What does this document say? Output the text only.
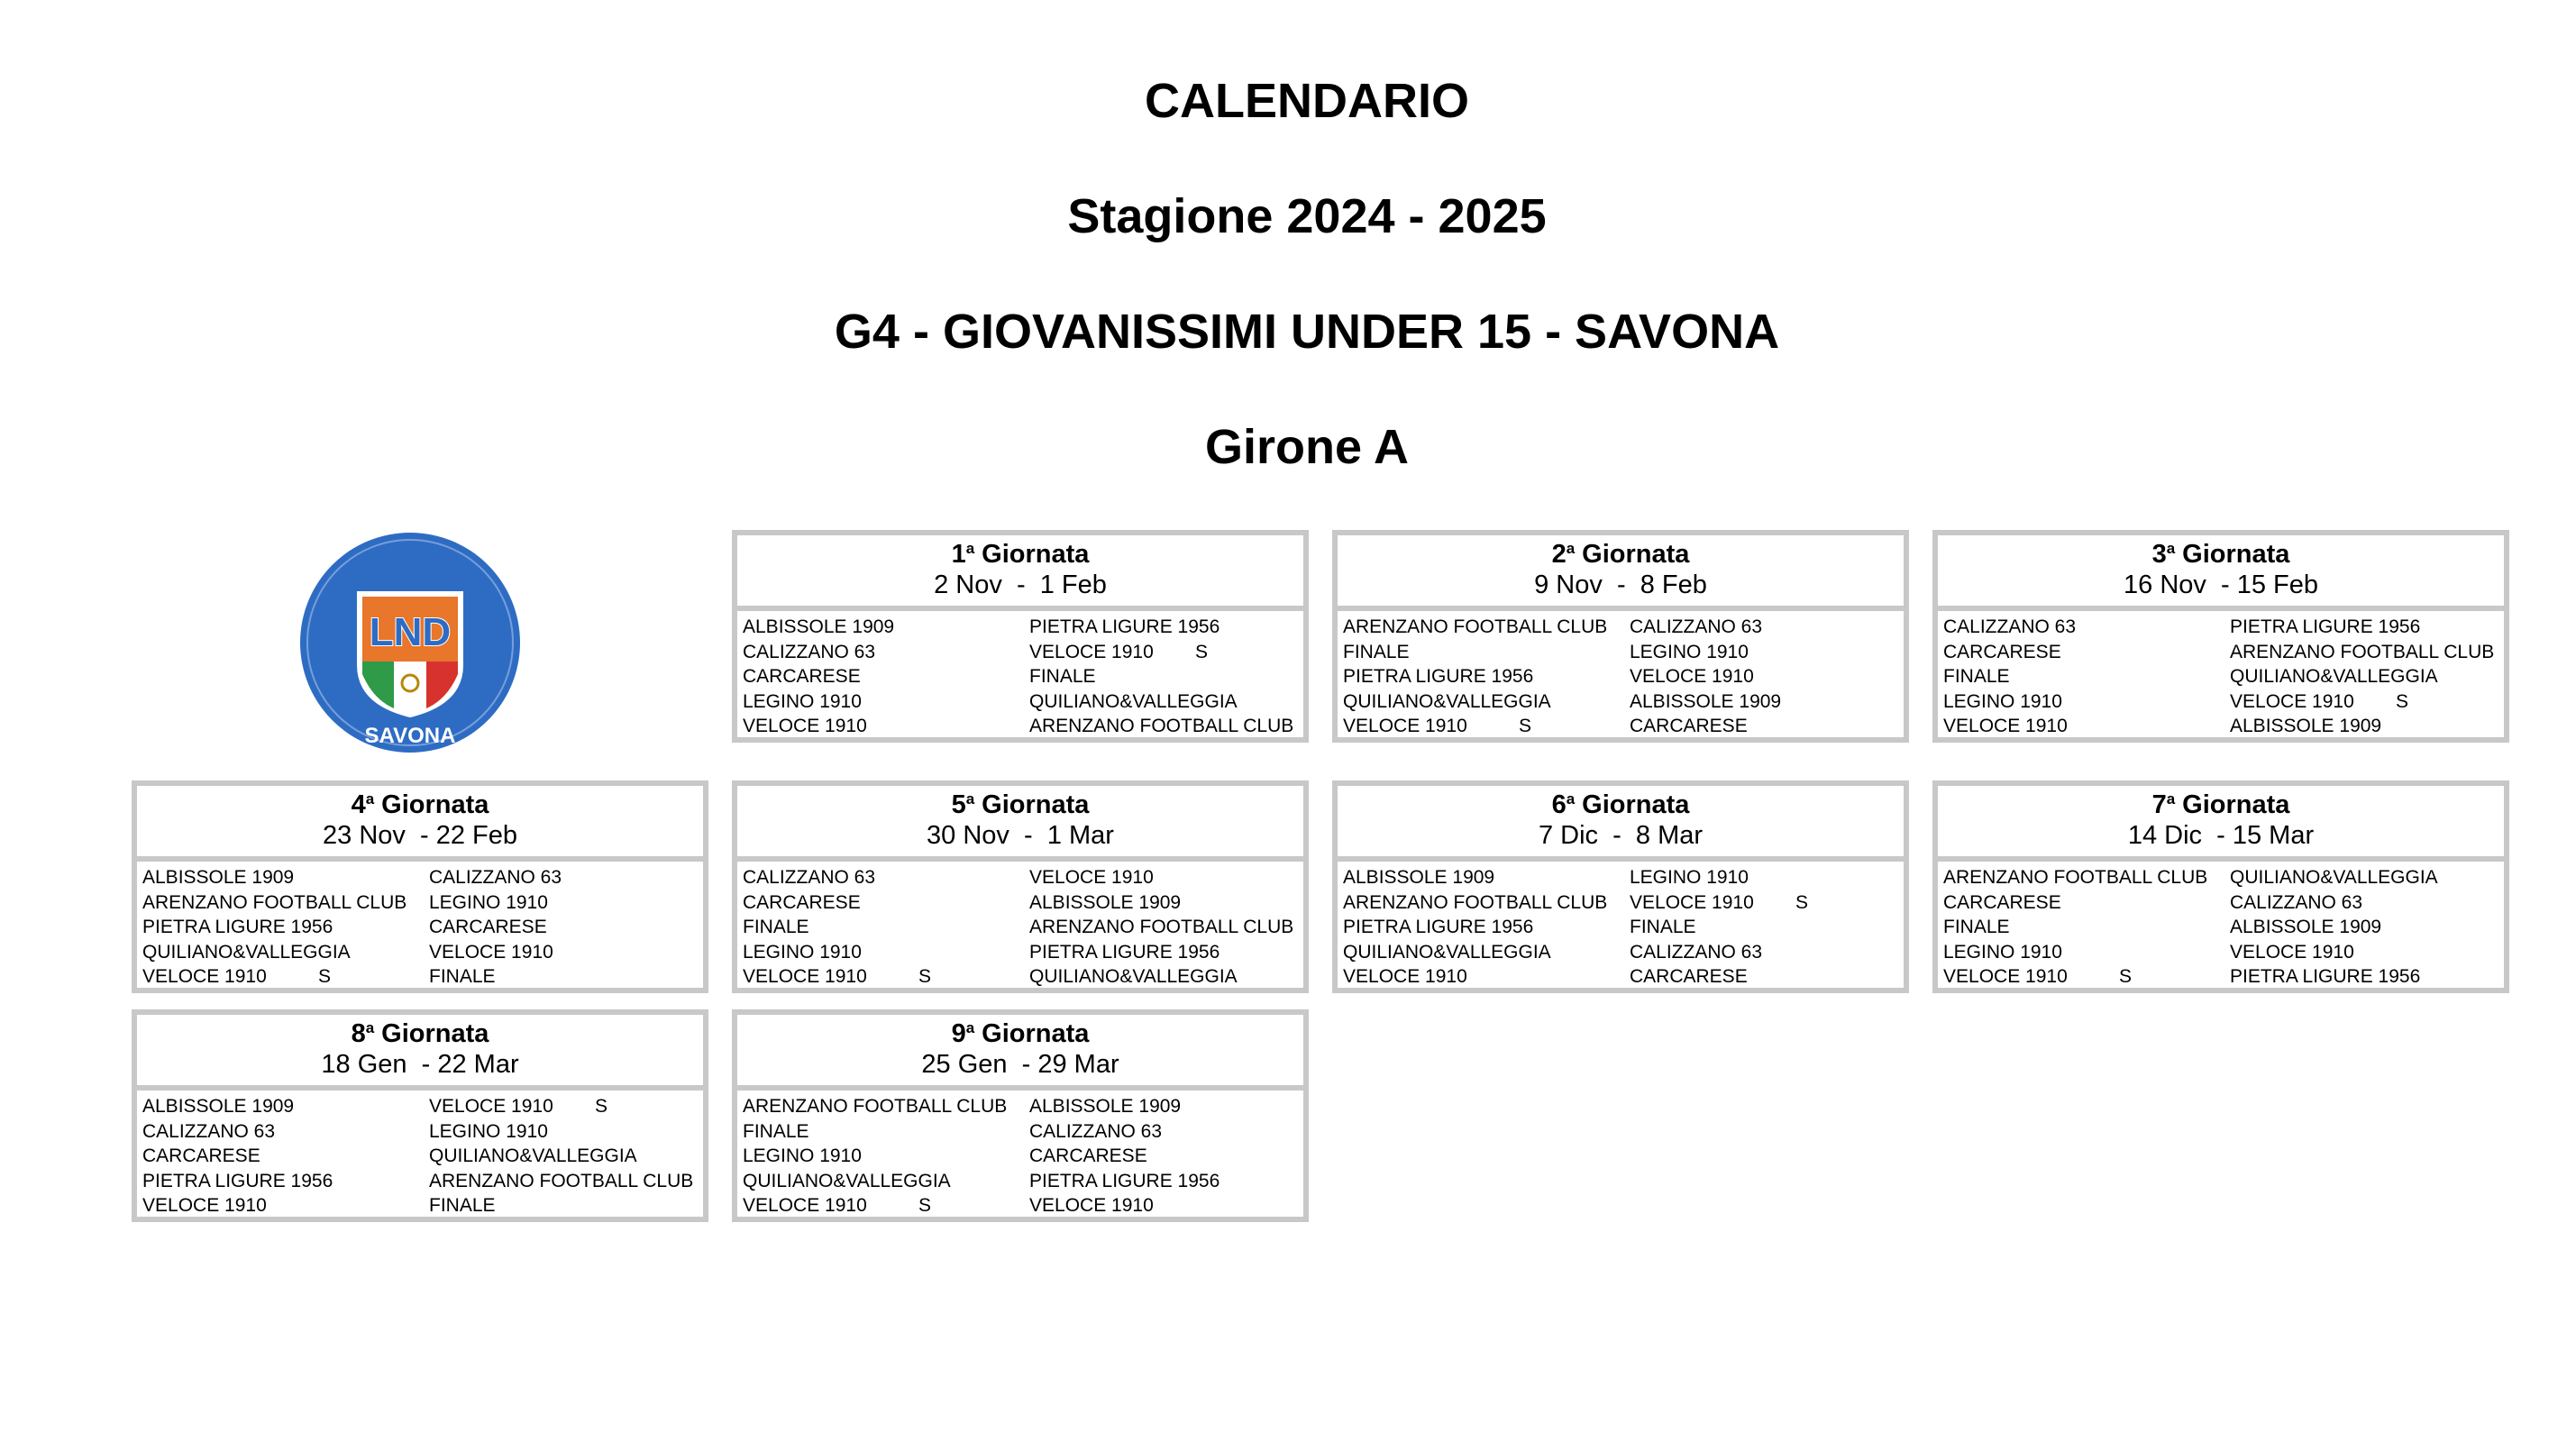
CALENDARIO
Stagione 2024 - 2025
G4 - GIOVANISSIMI UNDER 15 - SAVONA
Girone A
LND
SAVONA
1$^a$ Giornata
2 Nov  -  1 Feb
ALBISSOLE 1909	PIETRA LIGURE 1956
CALIZZANO 63	VELOCE 1910 S
CARCARESE	FINALE
LEGINO 1910	QUILIANO&VALLEGGIA
VELOCE 1910	ARENZANO FOOTBALL CLUB
2$^a$ Giornata
9 Nov  -  8 Feb
ARENZANO FOOTBALL CLUB	CALIZZANO 63
FINALE	LEGINO 1910
PIETRA LIGURE 1956	VELOCE 1910
QUILIANO&VALLEGGIA	ALBISSOLE 1909
VELOCE 1910	S	CARCARESE
3$^a$ Giornata
16 Nov  - 15 Feb
CALIZZANO 63	PIETRA LIGURE 1956
CARCARESE	ARENZANO FOOTBALL CLUB
FINALE	QUILIANO&VALLEGGIA
LEGINO 1910	VELOCE 1910 S
VELOCE 1910	ALBISSOLE 1909
4$^a$ Giornata
23 Nov  - 22 Feb
ALBISSOLE 1909	CALIZZANO 63
ARENZANO FOOTBALL CLUB	LEGINO 1910
PIETRA LIGURE 1956	CARCARESE
QUILIANO&VALLEGGIA	VELOCE 1910
VELOCE 1910	S	FINALE
5$^a$ Giornata
30 Nov  -  1 Mar
CALIZZANO 63	VELOCE 1910
CARCARESE	ALBISSOLE 1909
FINALE	ARENZANO FOOTBALL CLUB
LEGINO 1910	PIETRA LIGURE 1956
VELOCE 1910	S	QUILIANO&VALLEGGIA
6$^a$ Giornata
7 Dic  -  8 Mar
ALBISSOLE 1909	LEGINO 1910
ARENZANO FOOTBALL CLUB	VELOCE 1910 S
PIETRA LIGURE 1956	FINALE
QUILIANO&VALLEGGIA	CALIZZANO 63
VELOCE 1910	CARCARESE
7$^a$ Giornata
14 Dic  - 15 Mar
ARENZANO FOOTBALL CLUB	QUILIANO&VALLEGGIA
CARCARESE	CALIZZANO 63
FINALE	ALBISSOLE 1909
LEGINO 1910	VELOCE 1910
VELOCE 1910	S	PIETRA LIGURE 1956
8$^a$ Giornata
18 Gen  - 22 Mar
ALBISSOLE 1909	VELOCE 1910 S
CALIZZANO 63	LEGINO 1910
CARCARESE	QUILIANO&VALLEGGIA
PIETRA LIGURE 1956	ARENZANO FOOTBALL CLUB
VELOCE 1910	FINALE
9$^a$ Giornata
25 Gen  - 29 Mar
ARENZANO FOOTBALL CLUB	ALBISSOLE 1909
FINALE	CALIZZANO 63
LEGINO 1910	CARCARESE
QUILIANO&VALLEGGIA	PIETRA LIGURE 1956
VELOCE 1910	S	VELOCE 1910
